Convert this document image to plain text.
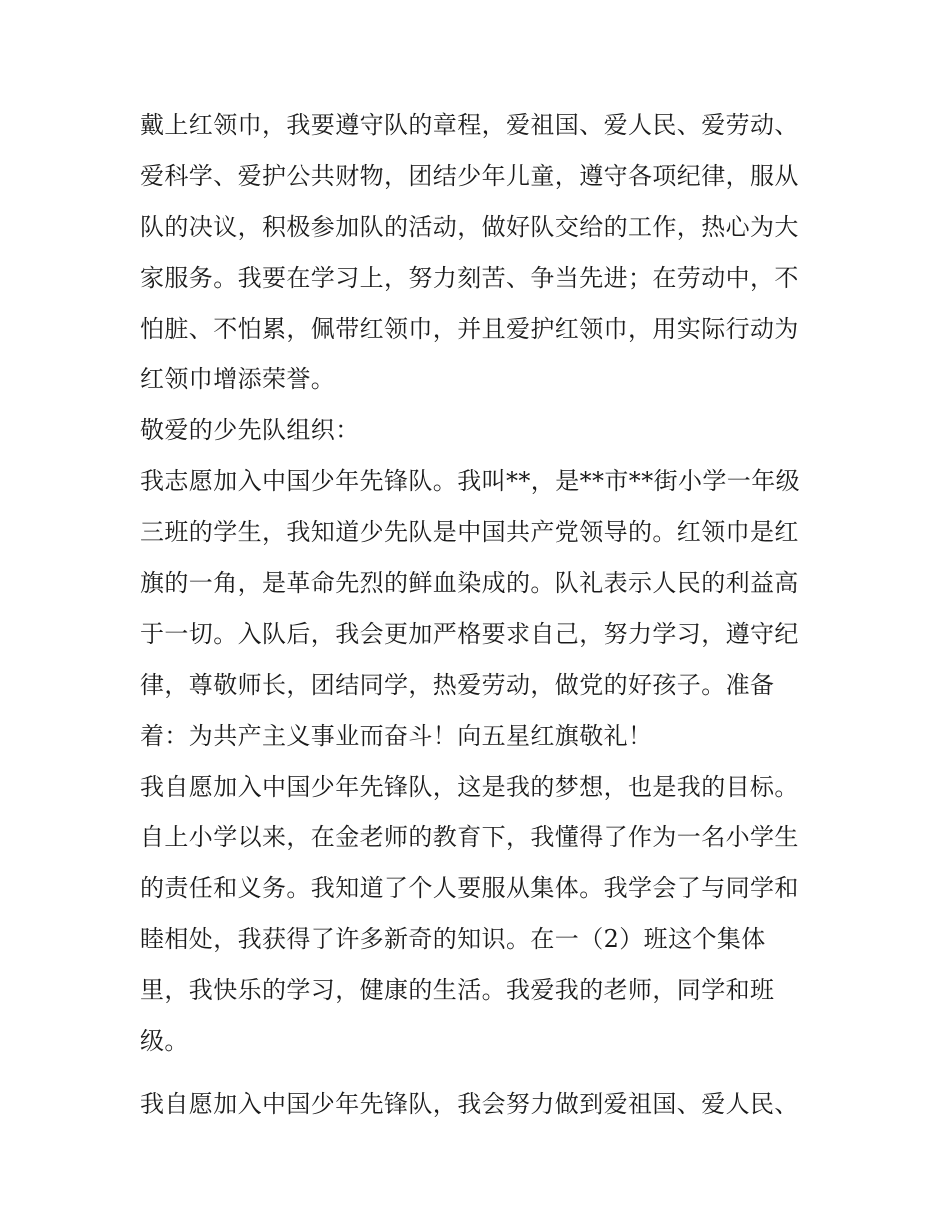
戴上红领巾，我要遵守队的章程，爱祖国、爱人民、爱劳动、
爱科学、爱护公共财物，团结少年儿童，遵守各项纪律，服从
队的决议，积极参加队的活动，做好队交给的工作，热心为大
家服务。我要在学习上，努力刻苦、争当先进；在劳动中，不
怕脏、不怕累，佩带红领巾，并且爱护红领巾，用实际行动为
红领巾增添荣誉。
敬爱的少先队组织：
我志愿加入中国少年先锋队。我叫**，是**市**街小学一年级
三班的学生，我知道少先队是中国共产党领导的。红领巾是红
旗的一角，是革命先烈的鲜血染成的。队礼表示人民的利益高
于一切。入队后，我会更加严格要求自己，努力学习，遵守纪
律，尊敬师长，团结同学，热爱劳动，做党的好孩子。准备
着：为共产主义事业而奋斗！向五星红旗敬礼！
我自愿加入中国少年先锋队，这是我的梦想，也是我的目标。
自上小学以来，在金老师的教育下，我懂得了作为一名小学生
的责任和义务。我知道了个人要服从集体。我学会了与同学和
睦相处，我获得了许多新奇的知识。在一（2）班这个集体
里，我快乐的学习，健康的生活。我爱我的老师，同学和班
级。
我自愿加入中国少年先锋队，我会努力做到爱祖国、爱人民、
